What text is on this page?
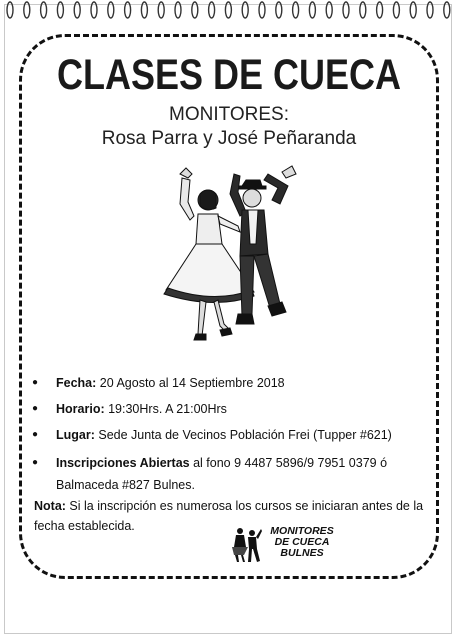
CLASES DE CUECA
MONITORES:
Rosa Parra y José Peñaranda
● Fecha: 20 Agosto al 14 Septiembre 2018
● Horario: 19:30Hrs. A 21:00Hrs
● Lugar: Sede Junta de Vecinos Población Frei (Tupper #621)
● Inscripciones Abiertas al fono 9 4487 5896/9 7951 0379 ó Balmaceda #827 Bulnes.
Nota: Si la inscripción es numerosa los cursos se iniciaran antes de la fecha establecida.	MONITORES
DE CUECA
BULNES
